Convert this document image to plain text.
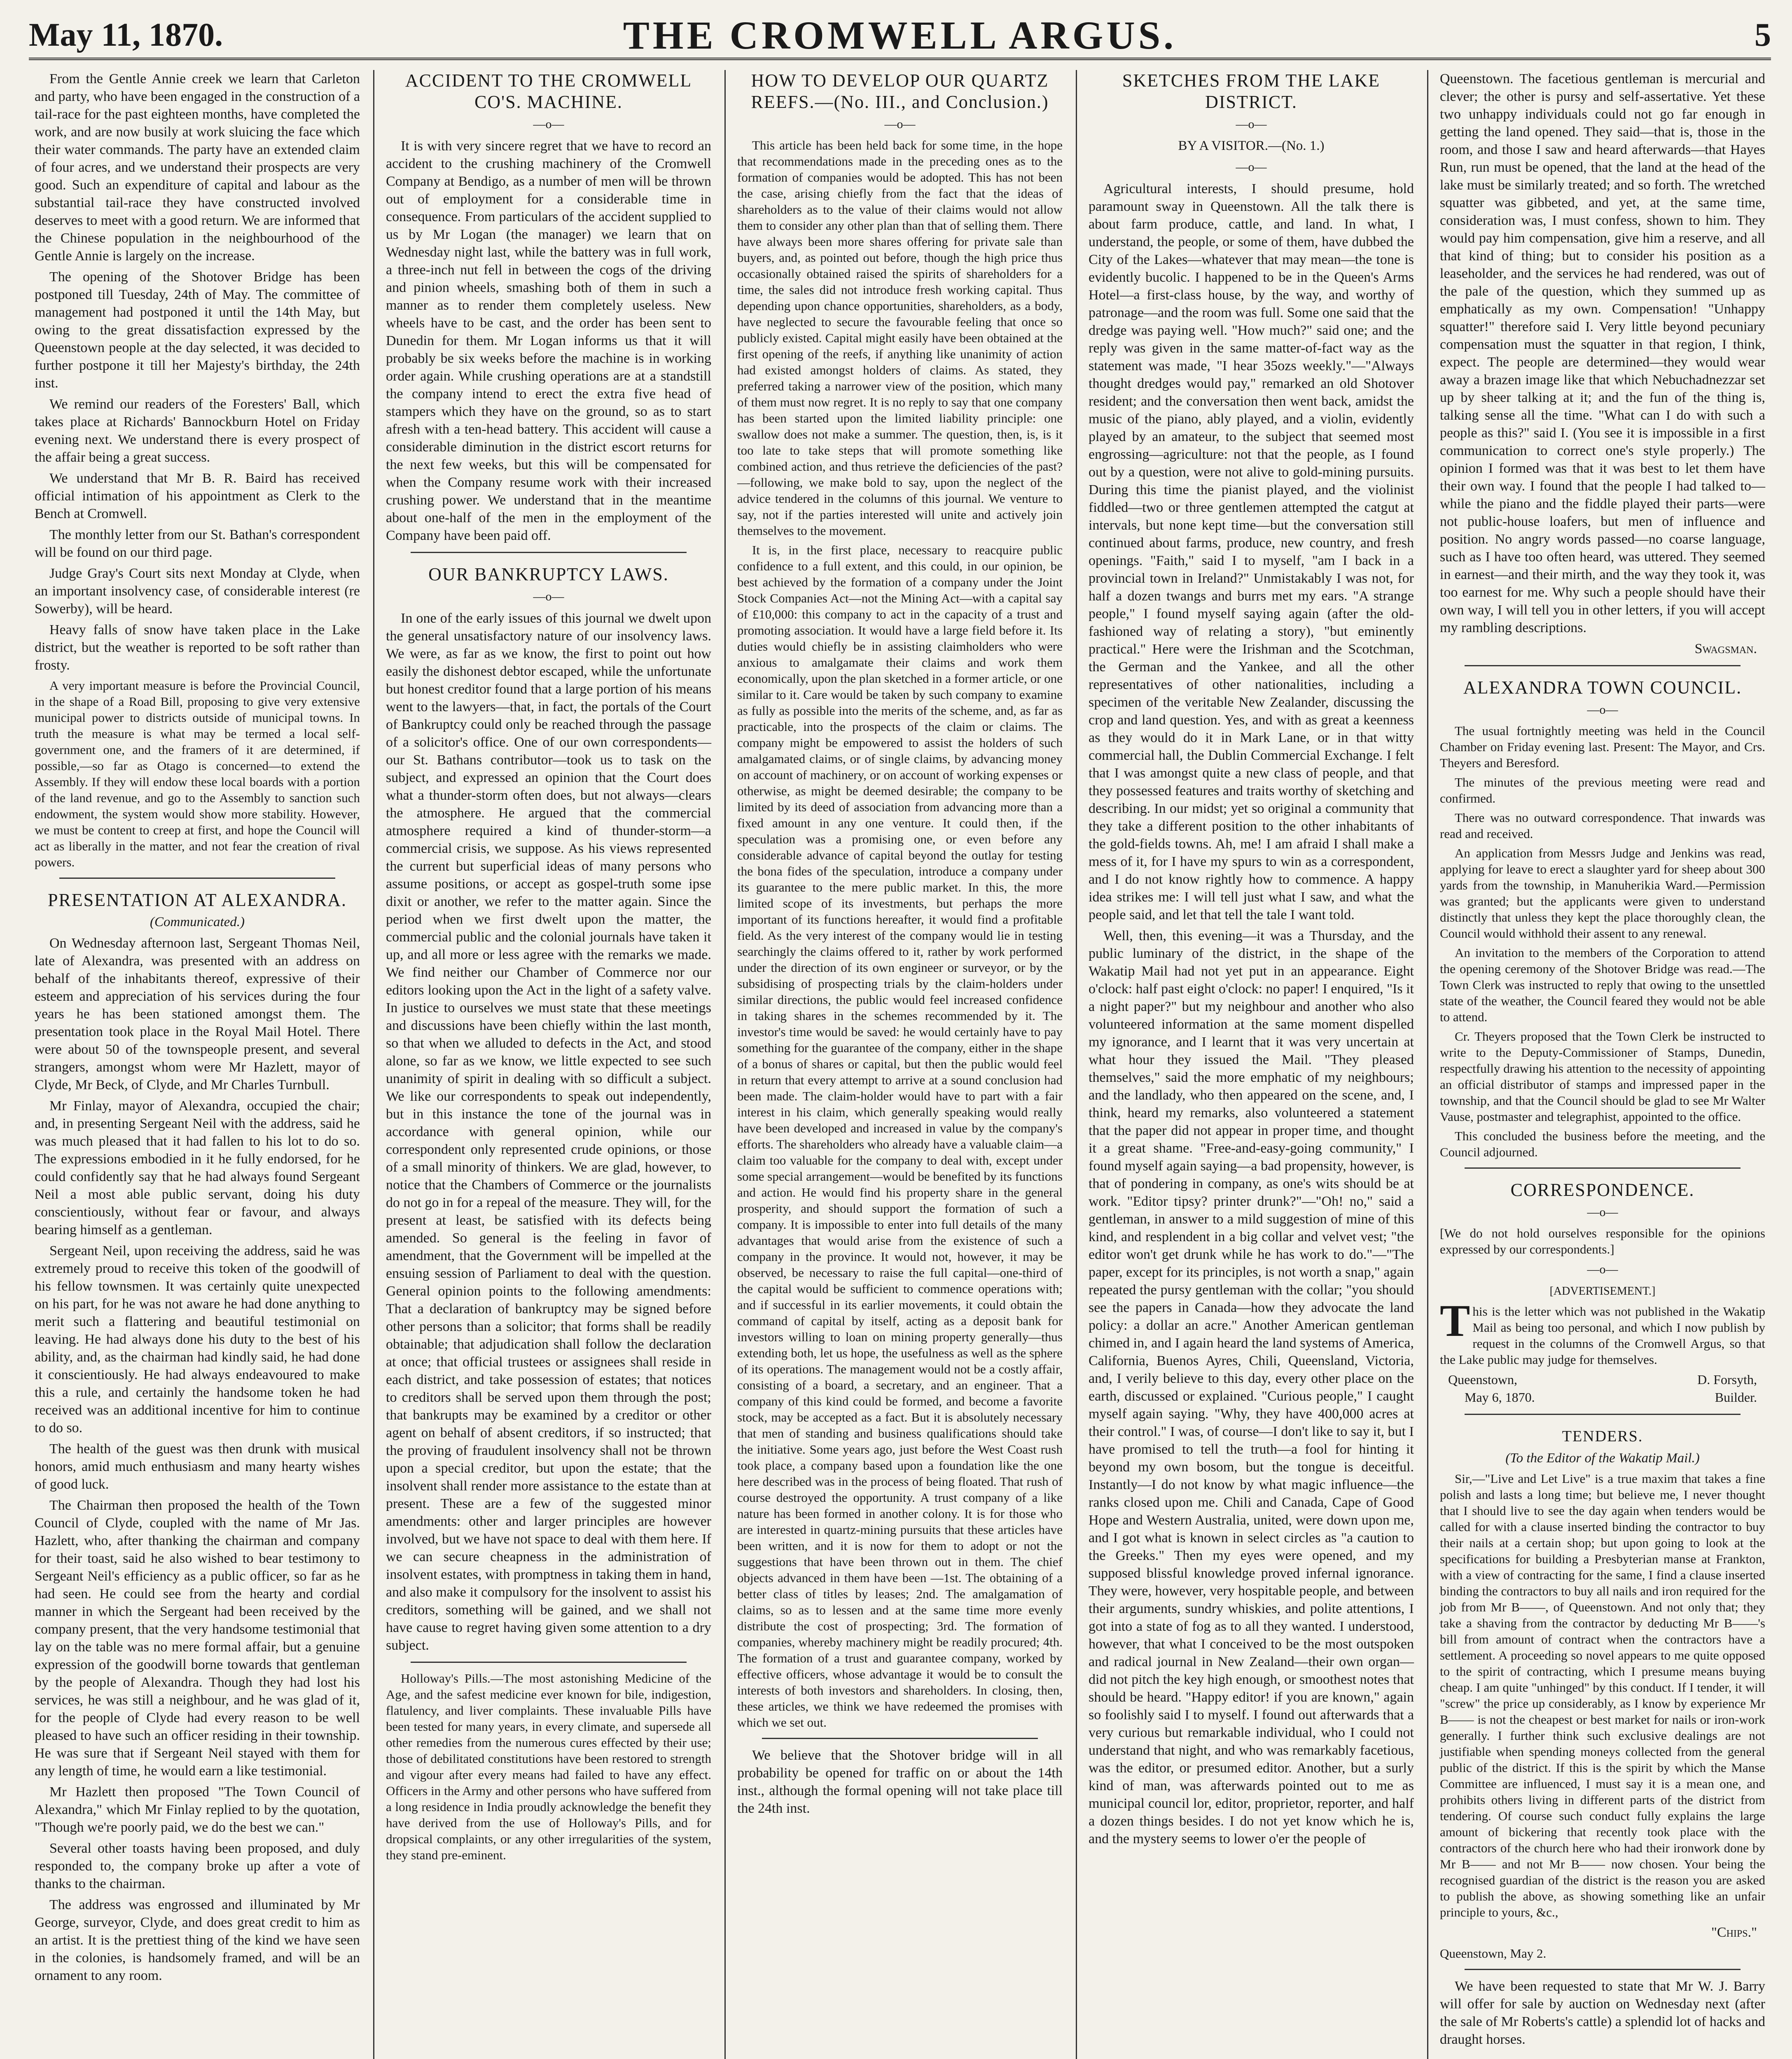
May 11, 1870.	THE CROMWELL ARGUS.	5

From the Gentle Annie creek we learn that Carleton and party, who have been engaged in the construction of a tail-race for the past eighteen months, have completed the work, and are now busily at work sluicing the face which their water commands. The party have an extended claim of four acres, and we understand their prospects are very good. Such an expenditure of capital and labour as the substantial tail-race they have constructed involved deserves to meet with a good return. We are informed that the Chinese population in the neighbourhood of the Gentle Annie is largely on the increase.

The opening of the Shotover Bridge has been postponed till Tuesday, 24th of May. The committee of management had postponed it until the 14th May, but owing to the great dissatisfaction expressed by the Queenstown people at the day selected, it was decided to further postpone it till her Majesty's birthday, the 24th inst.

We remind our readers of the Foresters' Ball, which takes place at Richards' Bannockburn Hotel on Friday evening next. We understand there is every prospect of the affair being a great success.

We understand that Mr B. R. Baird has received official intimation of his appointment as Clerk to the Bench at Cromwell.

The monthly letter from our St. Bathan's correspondent will be found on our third page.

Judge Gray's Court sits next Monday at Clyde, when an important insolvency case, of considerable interest (re Sowerby), will be heard.

Heavy falls of snow have taken place in the Lake district, but the weather is reported to be soft rather than frosty.

A very important measure is before the Provincial Council, in the shape of a Road Bill, proposing to give very extensive municipal power to districts outside of municipal towns. In truth the measure is what may be termed a local self-government one, and the framers of it are determined, if possible,—so far as Otago is concerned—to extend the Assembly. If they will endow these local boards with a portion of the land revenue, and go to the Assembly to sanction such endowment, the system would show more stability. However, we must be content to creep at first, and hope the Council will act as liberally in the matter, and not fear the creation of rival powers.

PRESENTATION AT ALEXANDRA.
(Communicated.)

On Wednesday afternoon last, Sergeant Thomas Neil, late of Alexandra, was presented with an address on behalf of the inhabitants thereof, expressive of their esteem and appreciation of his services during the four years he has been stationed amongst them. The presentation took place in the Royal Mail Hotel. There were about 50 of the townspeople present, and several strangers, amongst whom were Mr Hazlett, mayor of Clyde, Mr Beck, of Clyde, and Mr Charles Turnbull.

Mr Finlay, mayor of Alexandra, occupied the chair; and, in presenting Sergeant Neil with the address, said he was much pleased that it had fallen to his lot to do so. The expressions embodied in it he fully endorsed, for he could confidently say that he had always found Sergeant Neil a most able public servant, doing his duty conscientiously, without fear or favour, and always bearing himself as a gentleman.

Sergeant Neil, upon receiving the address, said he was extremely proud to receive this token of the goodwill of his fellow townsmen. It was certainly quite unexpected on his part, for he was not aware he had done anything to merit such a flattering and beautiful testimonial on leaving. He had always done his duty to the best of his ability, and, as the chairman had kindly said, he had done it conscientiously. He had always endeavoured to make this a rule, and certainly the handsome token he had received was an additional incentive for him to continue to do so.

The health of the guest was then drunk with musical honors, amid much enthusiasm and many hearty wishes of good luck.

The Chairman then proposed the health of the Town Council of Clyde, coupled with the name of Mr Jas. Hazlett, who, after thanking the chairman and company for their toast, said he also wished to bear testimony to Sergeant Neil's efficiency as a public officer, so far as he had seen. He could see from the hearty and cordial manner in which the Sergeant had been received by the company present, that the very handsome testimonial that lay on the table was no mere formal affair, but a genuine expression of the goodwill borne towards that gentleman by the people of Alexandra. Though they had lost his services, he was still a neighbour, and he was glad of it, for the people of Clyde had every reason to be well pleased to have such an officer residing in their township. He was sure that if Sergeant Neil stayed with them for any length of time, he would earn a like testimonial.

Mr Hazlett then proposed "The Town Council of Alexandra," which Mr Finlay replied to by the quotation, "Though we're poorly paid, we do the best we can."

Several other toasts having been proposed, and duly responded to, the company broke up after a vote of thanks to the chairman.

The address was engrossed and illuminated by Mr George, surveyor, Clyde, and does great credit to him as an artist. It is the prettiest thing of the kind we have seen in the colonies, is handsomely framed, and will be an ornament to any room.

ACCIDENT TO THE CROMWELL CO'S. MACHINE.
—o—

It is with very sincere regret that we have to record an accident to the crushing machinery of the Cromwell Company at Bendigo, as a number of men will be thrown out of employment for a considerable time in consequence. From particulars of the accident supplied to us by Mr Logan (the manager) we learn that on Wednesday night last, while the battery was in full work, a three-inch nut fell in between the cogs of the driving and pinion wheels, smashing both of them in such a manner as to render them completely useless. New wheels have to be cast, and the order has been sent to Dunedin for them. Mr Logan informs us that it will probably be six weeks before the machine is in working order again. While crushing operations are at a standstill the company intend to erect the extra five head of stampers which they have on the ground, so as to start afresh with a ten-head battery. This accident will cause a considerable diminution in the district escort returns for the next few weeks, but this will be compensated for when the Company resume work with their increased crushing power. We understand that in the meantime about one-half of the men in the employment of the Company have been paid off.

OUR BANKRUPTCY LAWS.
—o—

In one of the early issues of this journal we dwelt upon the general unsatisfactory nature of our insolvency laws. We were, as far as we know, the first to point out how easily the dishonest debtor escaped, while the unfortunate but honest creditor found that a large portion of his means went to the lawyers—that, in fact, the portals of the Court of Bankruptcy could only be reached through the passage of a solicitor's office. One of our own correspondents—our St. Bathans contributor—took us to task on the subject, and expressed an opinion that the Court does what a thunder-storm often does, but not always—clears the atmosphere. He argued that the commercial atmosphere required a kind of thunder-storm—a commercial crisis, we suppose. As his views represented the current but superficial ideas of many persons who assume positions, or accept as gospel-truth some ipse dixit or another, we refer to the matter again. Since the period when we first dwelt upon the matter, the commercial public and the colonial journals have taken it up, and all more or less agree with the remarks we made. We find neither our Chamber of Commerce nor our editors looking upon the Act in the light of a safety valve. In justice to ourselves we must state that these meetings and discussions have been chiefly within the last month, so that when we alluded to defects in the Act, and stood alone, so far as we know, we little expected to see such unanimity of spirit in dealing with so difficult a subject. We like our correspondents to speak out independently, but in this instance the tone of the journal was in accordance with general opinion, while our correspondent only represented crude opinions, or those of a small minority of thinkers. We are glad, however, to notice that the Chambers of Commerce or the journalists do not go in for a repeal of the measure. They will, for the present at least, be satisfied with its defects being amended. So general is the feeling in favor of amendment, that the Government will be impelled at the ensuing session of Parliament to deal with the question. General opinion points to the following amendments: That a declaration of bankruptcy may be signed before other persons than a solicitor; that forms shall be readily obtainable; that adjudication shall follow the declaration at once; that official trustees or assignees shall reside in each district, and take possession of estates; that notices to creditors shall be served upon them through the post; that bankrupts may be examined by a creditor or other agent on behalf of absent creditors, if so instructed; that the proving of fraudulent insolvency shall not be thrown upon a special creditor, but upon the estate; that the insolvent shall render more assistance to the estate than at present. These are a few of the suggested minor amendments: other and larger principles are however involved, but we have not space to deal with them here. If we can secure cheapness in the administration of insolvent estates, with promptness in taking them in hand, and also make it compulsory for the insolvent to assist his creditors, something will be gained, and we shall not have cause to regret having given some attention to a dry subject.

Holloway's Pills.—The most astonishing Medicine of the Age, and the safest medicine ever known for bile, indigestion, flatulency, and liver complaints. These invaluable Pills have been tested for many years, in every climate, and supersede all other remedies from the numerous cures effected by their use; those of debilitated constitutions have been restored to strength and vigour after every means had failed to have any effect. Officers in the Army and other persons who have suffered from a long residence in India proudly acknowledge the benefit they have derived from the use of Holloway's Pills, and for dropsical complaints, or any other irregularities of the system, they stand pre-eminent.

HOW TO DEVELOP OUR QUARTZ REEFS.—(No. III., and Conclusion.)
—o—

This article has been held back for some time, in the hope that recommendations made in the preceding ones as to the formation of companies would be adopted. This has not been the case, arising chiefly from the fact that the ideas of shareholders as to the value of their claims would not allow them to consider any other plan than that of selling them. There have always been more shares offering for private sale than buyers, and, as pointed out before, though the high price thus occasionally obtained raised the spirits of shareholders for a time, the sales did not introduce fresh working capital. Thus depending upon chance opportunities, shareholders, as a body, have neglected to secure the favourable feeling that once so publicly existed. Capital might easily have been obtained at the first opening of the reefs, if anything like unanimity of action had existed amongst holders of claims. As stated, they preferred taking a narrower view of the position, which many of them must now regret. It is no reply to say that one company has been started upon the limited liability principle: one swallow does not make a summer. The question, then, is, is it too late to take steps that will promote something like combined action, and thus retrieve the deficiencies of the past?—following, we make bold to say, upon the neglect of the advice tendered in the columns of this journal. We venture to say, not if the parties interested will unite and actively join themselves to the movement.

It is, in the first place, necessary to reacquire public confidence to a full extent, and this could, in our opinion, be best achieved by the formation of a company under the Joint Stock Companies Act—not the Mining Act—with a capital say of £10,000: this company to act in the capacity of a trust and promoting association. It would have a large field before it. Its duties would chiefly be in assisting claimholders who were anxious to amalgamate their claims and work them economically, upon the plan sketched in a former article, or one similar to it. Care would be taken by such company to examine as fully as possible into the merits of the scheme, and, as far as practicable, into the prospects of the claim or claims. The company might be empowered to assist the holders of such amalgamated claims, or of single claims, by advancing money on account of machinery, or on account of working expenses or otherwise, as might be deemed desirable; the company to be limited by its deed of association from advancing more than a fixed amount in any one venture. It could then, if the speculation was a promising one, or even before any considerable advance of capital beyond the outlay for testing the bona fides of the speculation, introduce a company under its guarantee to the mere public market. In this, the more limited scope of its investments, but perhaps the more important of its functions hereafter, it would find a profitable field. As the very interest of the company would lie in testing searchingly the claims offered to it, rather by work performed under the direction of its own engineer or surveyor, or by the subsidising of prospecting trials by the claim-holders under similar directions, the public would feel increased confidence in taking shares in the schemes recommended by it. The investor's time would be saved: he would certainly have to pay something for the guarantee of the company, either in the shape of a bonus of shares or capital, but then the public would feel in return that every attempt to arrive at a sound conclusion had been made. The claim-holder would have to part with a fair interest in his claim, which generally speaking would really have been developed and increased in value by the company's efforts. The shareholders who already have a valuable claim—a claim too valuable for the company to deal with, except under some special arrangement—would be benefited by its functions and action. He would find his property share in the general prosperity, and should support the formation of such a company. It is impossible to enter into full details of the many advantages that would arise from the existence of such a company in the province. It would not, however, it may be observed, be necessary to raise the full capital—one-third of the capital would be sufficient to commence operations with; and if successful in its earlier movements, it could obtain the command of capital by itself, acting as a deposit bank for investors willing to loan on mining property generally—thus extending both, let us hope, the usefulness as well as the sphere of its operations. The management would not be a costly affair, consisting of a board, a secretary, and an engineer. That a company of this kind could be formed, and become a favorite stock, may be accepted as a fact. But it is absolutely necessary that men of standing and business qualifications should take the initiative. Some years ago, just before the West Coast rush took place, a company based upon a foundation like the one here described was in the process of being floated. That rush of course destroyed the opportunity. A trust company of a like nature has been formed in another colony. It is for those who are interested in quartz-mining pursuits that these articles have been written, and it is now for them to adopt or not the suggestions that have been thrown out in them. The chief objects advanced in them have been —1st. The obtaining of a better class of titles by leases; 2nd. The amalgamation of claims, so as to lessen and at the same time more evenly distribute the cost of prospecting; 3rd. The formation of companies, whereby machinery might be readily procured; 4th. The formation of a trust and guarantee company, worked by effective officers, whose advantage it would be to consult the interests of both investors and shareholders. In closing, then, these articles, we think we have redeemed the promises with which we set out.

We believe that the Shotover bridge will in all probability be opened for traffic on or about the 14th inst., although the formal opening will not take place till the 24th inst.

SKETCHES FROM THE LAKE DISTRICT.
—o—
BY A VISITOR.—(No. 1.)
—o—

Agricultural interests, I should presume, hold paramount sway in Queenstown. All the talk there is about farm produce, cattle, and land. In what, I understand, the people, or some of them, have dubbed the City of the Lakes—whatever that may mean—the tone is evidently bucolic. I happened to be in the Queen's Arms Hotel—a first-class house, by the way, and worthy of patronage—and the room was full. Some one said that the dredge was paying well. "How much?" said one; and the reply was given in the same matter-of-fact way as the statement was made, "I hear 35ozs weekly."—"Always thought dredges would pay," remarked an old Shotover resident; and the conversation then went back, amidst the music of the piano, ably played, and a violin, evidently played by an amateur, to the subject that seemed most engrossing—agriculture: not that the people, as I found out by a question, were not alive to gold-mining pursuits. During this time the pianist played, and the violinist fiddled—two or three gentlemen attempted the catgut at intervals, but none kept time—but the conversation still continued about farms, produce, new country, and fresh openings. "Faith," said I to myself, "am I back in a provincial town in Ireland?" Unmistakably I was not, for half a dozen twangs and burrs met my ears. "A strange people," I found myself saying again (after the old-fashioned way of relating a story), "but eminently practical." Here were the Irishman and the Scotchman, the German and the Yankee, and all the other representatives of other nationalities, including a specimen of the veritable New Zealander, discussing the crop and land question. Yes, and with as great a keenness as they would do it in Mark Lane, or in that witty commercial hall, the Dublin Commercial Exchange. I felt that I was amongst quite a new class of people, and that they possessed features and traits worthy of sketching and describing. In our midst; yet so original a community that they take a different position to the other inhabitants of the gold-fields towns. Ah, me! I am afraid I shall make a mess of it, for I have my spurs to win as a correspondent, and I do not know rightly how to commence. A happy idea strikes me: I will tell just what I saw, and what the people said, and let that tell the tale I want told.

Well, then, this evening—it was a Thursday, and the public luminary of the district, in the shape of the Wakatip Mail had not yet put in an appearance. Eight o'clock: half past eight o'clock: no paper! I enquired, "Is it a night paper?" but my neighbour and another who also volunteered information at the same moment dispelled my ignorance, and I learnt that it was very uncertain at what hour they issued the Mail. "They pleased themselves," said the more emphatic of my neighbours; and the landlady, who then appeared on the scene, and, I think, heard my remarks, also volunteered a statement that the paper did not appear in proper time, and thought it a great shame. "Free-and-easy-going community," I found myself again saying—a bad propensity, however, is that of pondering in company, as one's wits should be at work. "Editor tipsy? printer drunk?"—"Oh! no," said a gentleman, in answer to a mild suggestion of mine of this kind, and resplendent in a big collar and velvet vest; "the editor won't get drunk while he has work to do."—"The paper, except for its principles, is not worth a snap," again repeated the pursy gentleman with the collar; "you should see the papers in Canada—how they advocate the land policy: a dollar an acre." Another American gentleman chimed in, and I again heard the land systems of America, California, Buenos Ayres, Chili, Queensland, Victoria, and, I verily believe to this day, every other place on the earth, discussed or explained. "Curious people," I caught myself again saying. "Why, they have 400,000 acres at their control." I was, of course—I don't like to say it, but I have promised to tell the truth—a fool for hinting it beyond my own bosom, but the tongue is deceitful. Instantly—I do not know by what magic influence—the ranks closed upon me. Chili and Canada, Cape of Good Hope and Western Australia, united, were down upon me, and I got what is known in select circles as "a caution to the Greeks." Then my eyes were opened, and my supposed blissful knowledge proved infernal ignorance. They were, however, very hospitable people, and between their arguments, sundry whiskies, and polite attentions, I got into a state of fog as to all they wanted. I understood, however, that what I conceived to be the most outspoken and radical journal in New Zealand—their own organ—did not pitch the key high enough, or smoothest notes that should be heard. "Happy editor! if you are known," again so foolishly said I to myself. I found out afterwards that a very curious but remarkable individual, who I could not understand that night, and who was remarkably facetious, was the editor, or presumed editor. Another, but a surly kind of man, was afterwards pointed out to me as municipal council lor, editor, proprietor, reporter, and half a dozen things besides. I do not yet know which he is, and the mystery seems to lower o'er the people of

Queenstown. The facetious gentleman is mercurial and clever; the other is pursy and self-assertative. Yet these two unhappy individuals could not go far enough in getting the land opened. They said—that is, those in the room, and those I saw and heard afterwards—that Hayes Run, run must be opened, that the land at the head of the lake must be similarly treated; and so forth. The wretched squatter was gibbeted, and yet, at the same time, consideration was, I must confess, shown to him. They would pay him compensation, give him a reserve, and all that kind of thing; but to consider his position as a leaseholder, and the services he had rendered, was out of the pale of the question, which they summed up as emphatically as my own. Compensation! "Unhappy squatter!" therefore said I. Very little beyond pecuniary compensation must the squatter in that region, I think, expect. The people are determined—they would wear away a brazen image like that which Nebuchadnezzar set up by sheer talking at it; and the fun of the thing is, talking sense all the time. "What can I do with such a people as this?" said I. (You see it is impossible in a first communication to correct one's style properly.) The opinion I formed was that it was best to let them have their own way. I found that the people I had talked to—while the piano and the fiddle played their parts—were not public-house loafers, but men of influence and position. No angry words passed—no coarse language, such as I have too often heard, was uttered. They seemed in earnest—and their mirth, and the way they took it, was too earnest for me. Why such a people should have their own way, I will tell you in other letters, if you will accept my rambling descriptions.

Swagsman.
ALEXANDRA TOWN COUNCIL.
—o—

The usual fortnightly meeting was held in the Council Chamber on Friday evening last. Present: The Mayor, and Crs. Theyers and Beresford.

The minutes of the previous meeting were read and confirmed.

There was no outward correspondence. That inwards was read and received.

An application from Messrs Judge and Jenkins was read, applying for leave to erect a slaughter yard for sheep about 300 yards from the township, in Manuherikia Ward.—Permission was granted; but the applicants were given to understand distinctly that unless they kept the place thoroughly clean, the Council would withhold their assent to any renewal.

An invitation to the members of the Corporation to attend the opening ceremony of the Shotover Bridge was read.—The Town Clerk was instructed to reply that owing to the unsettled state of the weather, the Council feared they would not be able to attend.

Cr. Theyers proposed that the Town Clerk be instructed to write to the Deputy-Commissioner of Stamps, Dunedin, respectfully drawing his attention to the necessity of appointing an official distributor of stamps and impressed paper in the township, and that the Council should be glad to see Mr Walter Vause, postmaster and telegraphist, appointed to the office.

This concluded the business before the meeting, and the Council adjourned.

CORRESPONDENCE.
—o—

[We do not hold ourselves responsible for the opinions expressed by our correspondents.]

—o—
[ADVERTISEMENT.]

This is the letter which was not published in the Wakatip Mail as being too personal, and which I now publish by request in the columns of the Cromwell Argus, so that the Lake public may judge for themselves.

Queenstown,	D. Forsyth,
May 6, 1870.	Builder.
TENDERS.
(To the Editor of the Wakatip Mail.)

Sir,—"Live and Let Live" is a true maxim that takes a fine polish and lasts a long time; but believe me, I never thought that I should live to see the day again when tenders would be called for with a clause inserted binding the contractor to buy their nails at a certain shop; but upon going to look at the specifications for building a Presbyterian manse at Frankton, with a view of contracting for the same, I find a clause inserted binding the contractors to buy all nails and iron required for the job from Mr B——, of Queenstown. And not only that; they take a shaving from the contractor by deducting Mr B——'s bill from amount of contract when the contractors have a settlement. A proceeding so novel appears to me quite opposed to the spirit of contracting, which I presume means buying cheap. I am quite "unhinged" by this conduct. If I tender, it will "screw" the price up considerably, as I know by experience Mr B—— is not the cheapest or best market for nails or iron-work generally. I further think such exclusive dealings are not justifiable when spending moneys collected from the general public of the district. If this is the spirit by which the Manse Committee are influenced, I must say it is a mean one, and prohibits others living in different parts of the district from tendering. Of course such conduct fully explains the large amount of bickering that recently took place with the contractors of the church here who had their ironwork done by Mr B—— and not Mr B—— now chosen. Your being the recognised guardian of the district is the reason you are asked to publish the above, as showing something like an unfair principle to yours, &c.,

"Chips."

Queenstown, May 2.

We have been requested to state that Mr W. J. Barry will offer for sale by auction on Wednesday next (after the sale of Mr Roberts's cattle) a splendid lot of hacks and draught horses.
